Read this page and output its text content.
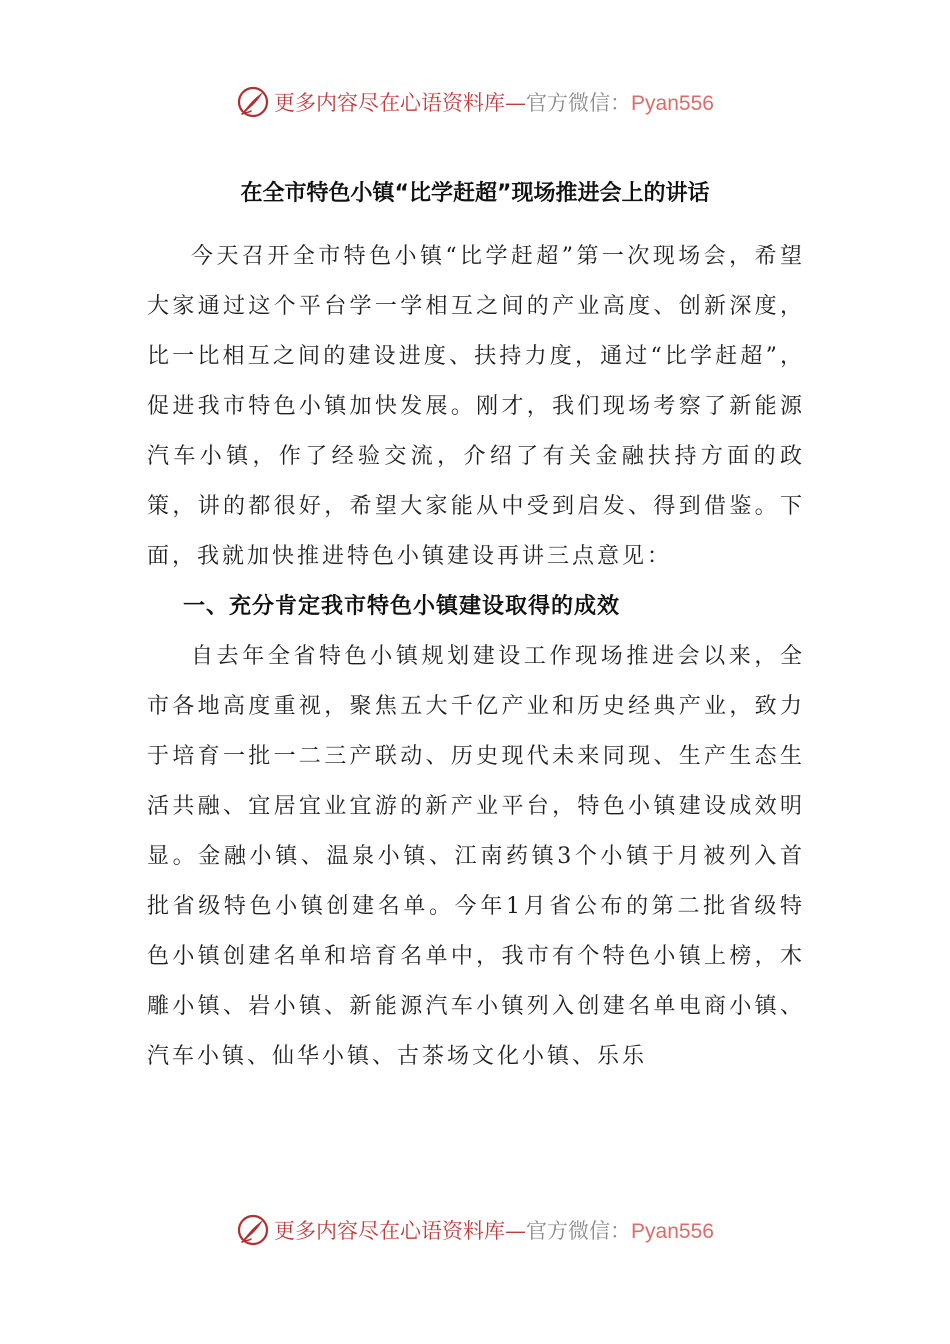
更多内容尽在心语资料库—官方微信：Pyan556
在全市特色小镇“比学赶超”现场推进会上的讲话

今天召开全市特色小镇“比学赶超”第一次现场会，希望大家通过这个平台学一学相互之间的产业高度、创新深度，比一比相互之间的建设进度、扶持力度，通过“比学赶超”，促进我市特色小镇加快发展。刚才，我们现场考察了新能源汽车小镇，作了经验交流，介绍了有关金融扶持方面的政策，讲的都很好，希望大家能从中受到启发、得到借鉴。下面，我就加快推进特色小镇建设再讲三点意见：

一、充分肯定我市特色小镇建设取得的成效

自去年全省特色小镇规划建设工作现场推进会以来，全市各地高度重视，聚焦五大千亿产业和历史经典产业，致力于培育一批一二三产联动、历史现代未来同现、生产生态生活共融、宜居宜业宜游的新产业平台，特色小镇建设成效明显。金融小镇、温泉小镇、江南药镇3个小镇于月被列入首批省级特色小镇创建名单。今年1月省公布的第二批省级特色小镇创建名单和培育名单中，我市有个特色小镇上榜，木雕小镇、岩小镇、新能源汽车小镇列入创建名单电商小镇、汽车小镇、仙华小镇、古茶场文化小镇、乐乐

更多内容尽在心语资料库—官方微信：Pyan556
